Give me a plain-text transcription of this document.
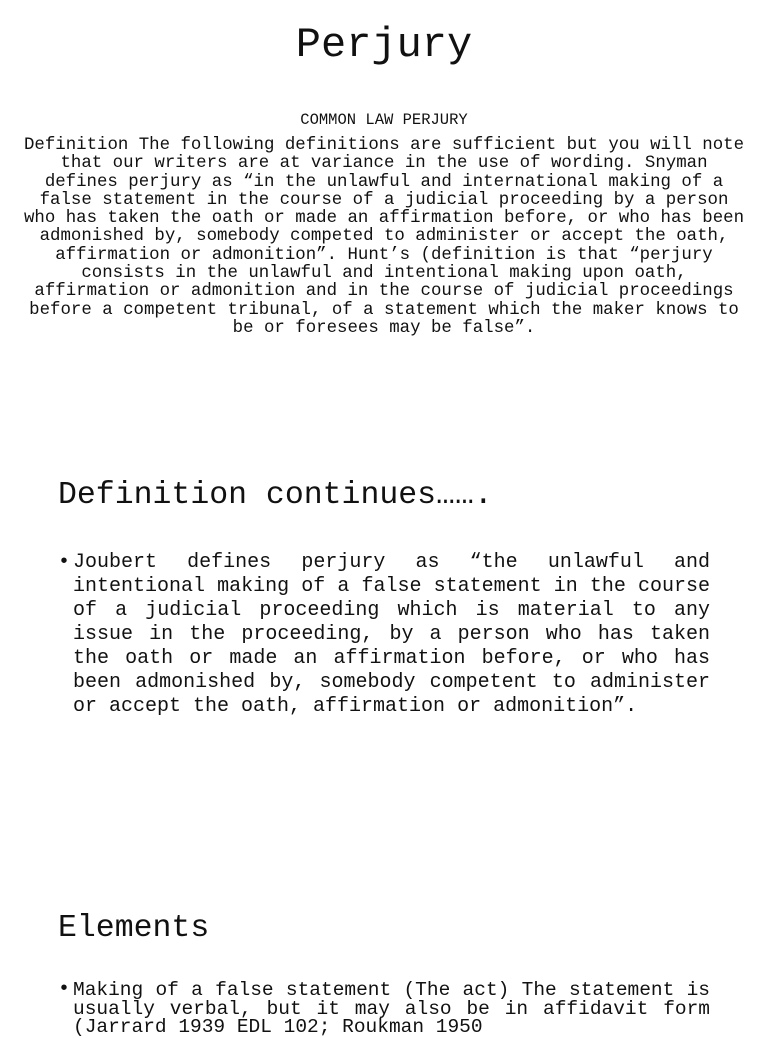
Perjury
COMMON LAW PERJURY

Definition The following definitions are sufficient but you will note that our writers are at variance in the use of wording. Snyman defines perjury as “in the unlawful and international making of a false statement in the course of a judicial proceeding by a person who has taken the oath or made an affirmation before, or who has been admonished by, somebody competed to administer or accept the oath, affirmation or admonition”. Hunt’s (definition is that “perjury consists in the unlawful and intentional making upon oath, affirmation or admonition and in the course of judicial proceedings before a competent tribunal, of a statement which the maker knows to be or foresees may be false”.

Definition continues…….
• Joubert defines perjury as “the unlawful and intentional making of a false statement in the course of a judicial proceeding which is material to any issue in the proceeding, by a person who has taken the oath or made an affirmation before, or who has been admonished by, somebody competent to administer or accept the oath, affirmation or admonition”.

Elements
• Making of a false statement (The act) The statement is usually verbal, but it may also be in affidavit form (Jarrard 1939 EDL 102; Roukman 1950
